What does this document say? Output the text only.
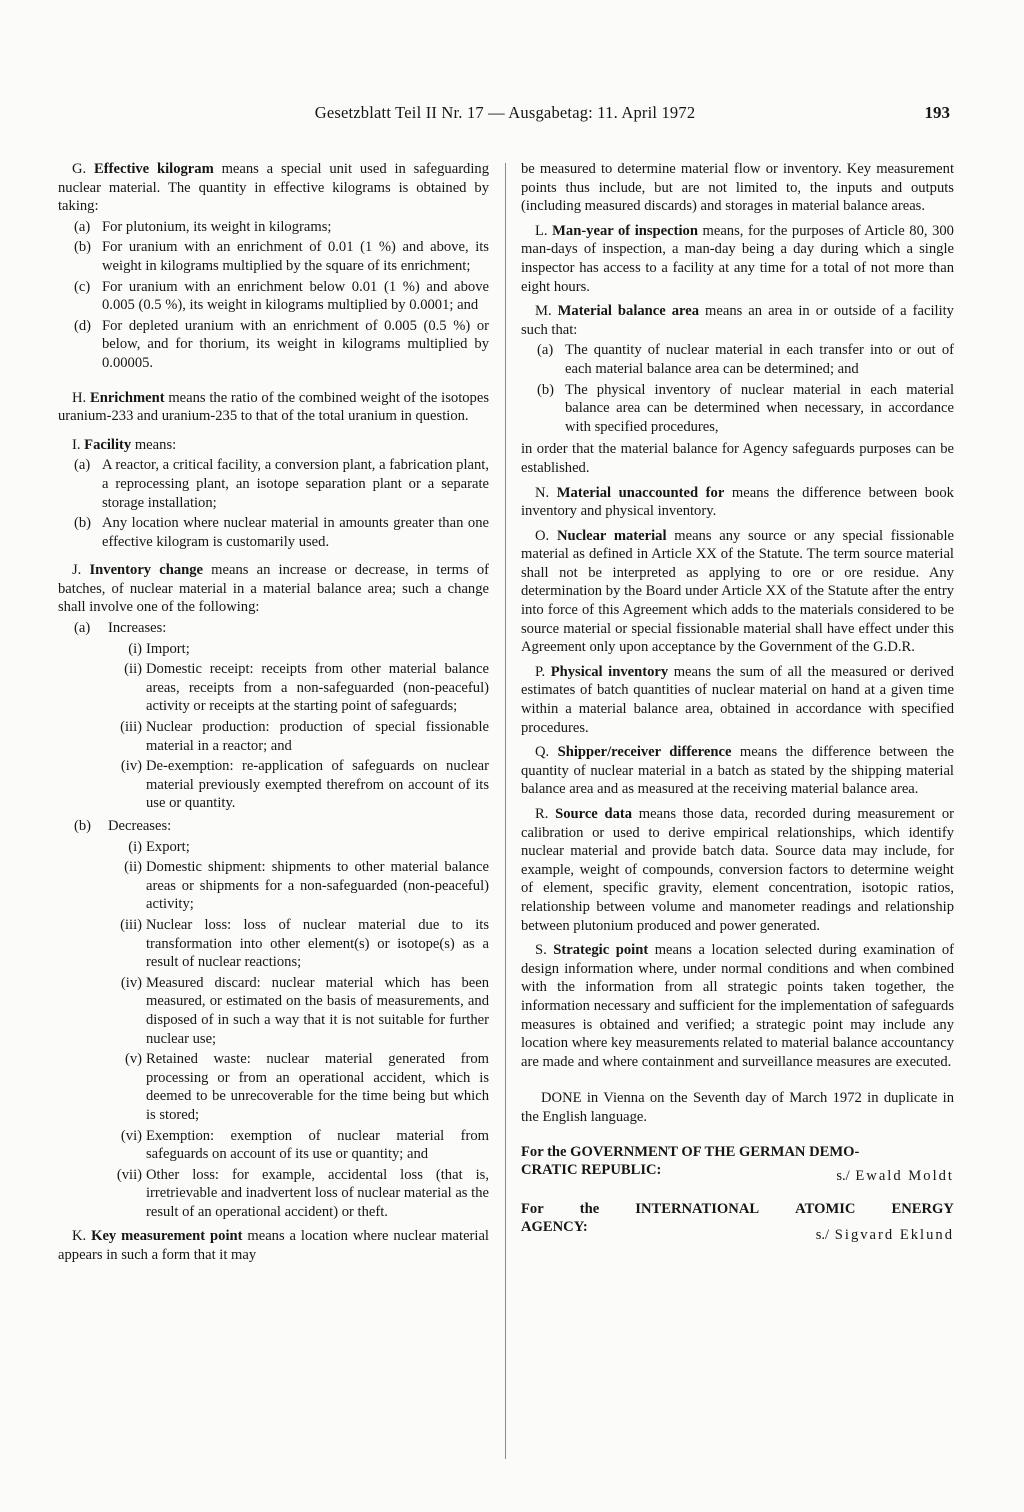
Gesetzblatt Teil II Nr. 17 — Ausgabetag: 11. April 1972	193

G. Effective kilogram means a special unit used in safeguarding nuclear material. The quantity in effective kilograms is obtained by taking:

(a) For plutonium, its weight in kilograms;
(b) For uranium with an enrichment of 0.01 (1 %) and above, its weight in kilograms multiplied by the square of its enrichment;
(c) For uranium with an enrichment below 0.01 (1 %) and above 0.005 (0.5 %), its weight in kilograms multiplied by 0.0001; and
(d) For depleted uranium with an enrichment of 0.005 (0.5 %) or below, and for thorium, its weight in kilograms multiplied by 0.00005.

H. Enrichment means the ratio of the combined weight of the isotopes uranium-233 and uranium-235 to that of the total uranium in question.

I. Facility means:

(a) A reactor, a critical facility, a conversion plant, a fabrication plant, a reprocessing plant, an isotope separation plant or a separate storage installation;
(b) Any location where nuclear material in amounts greater than one effective kilogram is customarily used.

J. Inventory change means an increase or decrease, in terms of batches, of nuclear material in a material balance area; such a change shall involve one of the following:

(a) Increases:
(i) Import;
(ii) Domestic receipt: receipts from other material balance areas, receipts from a non-safeguarded (non-peaceful) activity or receipts at the starting point of safeguards;
(iii) Nuclear production: production of special fissionable material in a reactor; and
(iv) De-exemption: re-application of safeguards on nuclear material previously exempted therefrom on account of its use or quantity.
(b) Decreases:
(i) Export;
(ii) Domestic shipment: shipments to other material balance areas or shipments for a non-safeguarded (non-peaceful) activity;
(iii) Nuclear loss: loss of nuclear material due to its transformation into other element(s) or isotope(s) as a result of nuclear reactions;
(iv) Measured discard: nuclear material which has been measured, or estimated on the basis of measurements, and disposed of in such a way that it is not suitable for further nuclear use;
(v) Retained waste: nuclear material generated from processing or from an operational accident, which is deemed to be unrecoverable for the time being but which is stored;
(vi) Exemption: exemption of nuclear material from safeguards on account of its use or quantity; and
(vii) Other loss: for example, accidental loss (that is, irretrievable and inadvertent loss of nuclear material as the result of an operational accident) or theft.

K. Key measurement point means a location where nuclear material appears in such a form that it may

be measured to determine material flow or inventory. Key measurement points thus include, but are not limited to, the inputs and outputs (including measured discards) and storages in material balance areas.

L. Man-year of inspection means, for the purposes of Article 80, 300 man-days of inspection, a man-day being a day during which a single inspector has access to a facility at any time for a total of not more than eight hours.

M. Material balance area means an area in or outside of a facility such that:

(a) The quantity of nuclear material in each transfer into or out of each material balance area can be determined; and
(b) The physical inventory of nuclear material in each material balance area can be determined when necessary, in accordance with specified procedures,

in order that the material balance for Agency safeguards purposes can be established.

N. Material unaccounted for means the difference between book inventory and physical inventory.

O. Nuclear material means any source or any special fissionable material as defined in Article XX of the Statute. The term source material shall not be interpreted as applying to ore or ore residue. Any determination by the Board under Article XX of the Statute after the entry into force of this Agreement which adds to the materials considered to be source material or special fissionable material shall have effect under this Agreement only upon acceptance by the Government of the G.D.R.

P. Physical inventory means the sum of all the measured or derived estimates of batch quantities of nuclear material on hand at a given time within a material balance area, obtained in accordance with specified procedures.

Q. Shipper/receiver difference means the difference between the quantity of nuclear material in a batch as stated by the shipping material balance area and as measured at the receiving material balance area.

R. Source data means those data, recorded during measurement or calibration or used to derive empirical relationships, which identify nuclear material and provide batch data. Source data may include, for example, weight of compounds, conversion factors to determine weight of element, specific gravity, element concentration, isotopic ratios, relationship between volume and manometer readings and relationship between plutonium produced and power generated.

S. Strategic point means a location selected during examination of design information where, under normal conditions and when combined with the information from all strategic points taken together, the information necessary and sufficient for the implementation of safeguards measures is obtained and verified; a strategic point may include any location where key measurements related to material balance accountancy are made and where containment and surveillance measures are executed.

DONE in Vienna on the Seventh day of March 1972 in duplicate in the English language.

For the GOVERNMENT OF THE GERMAN DEMO-
CRATIC REPUBLIC:	s./ Ewald Moldt
For the INTERNATIONAL ATOMIC ENERGY
AGENCY:	s./ Sigvard Eklund
